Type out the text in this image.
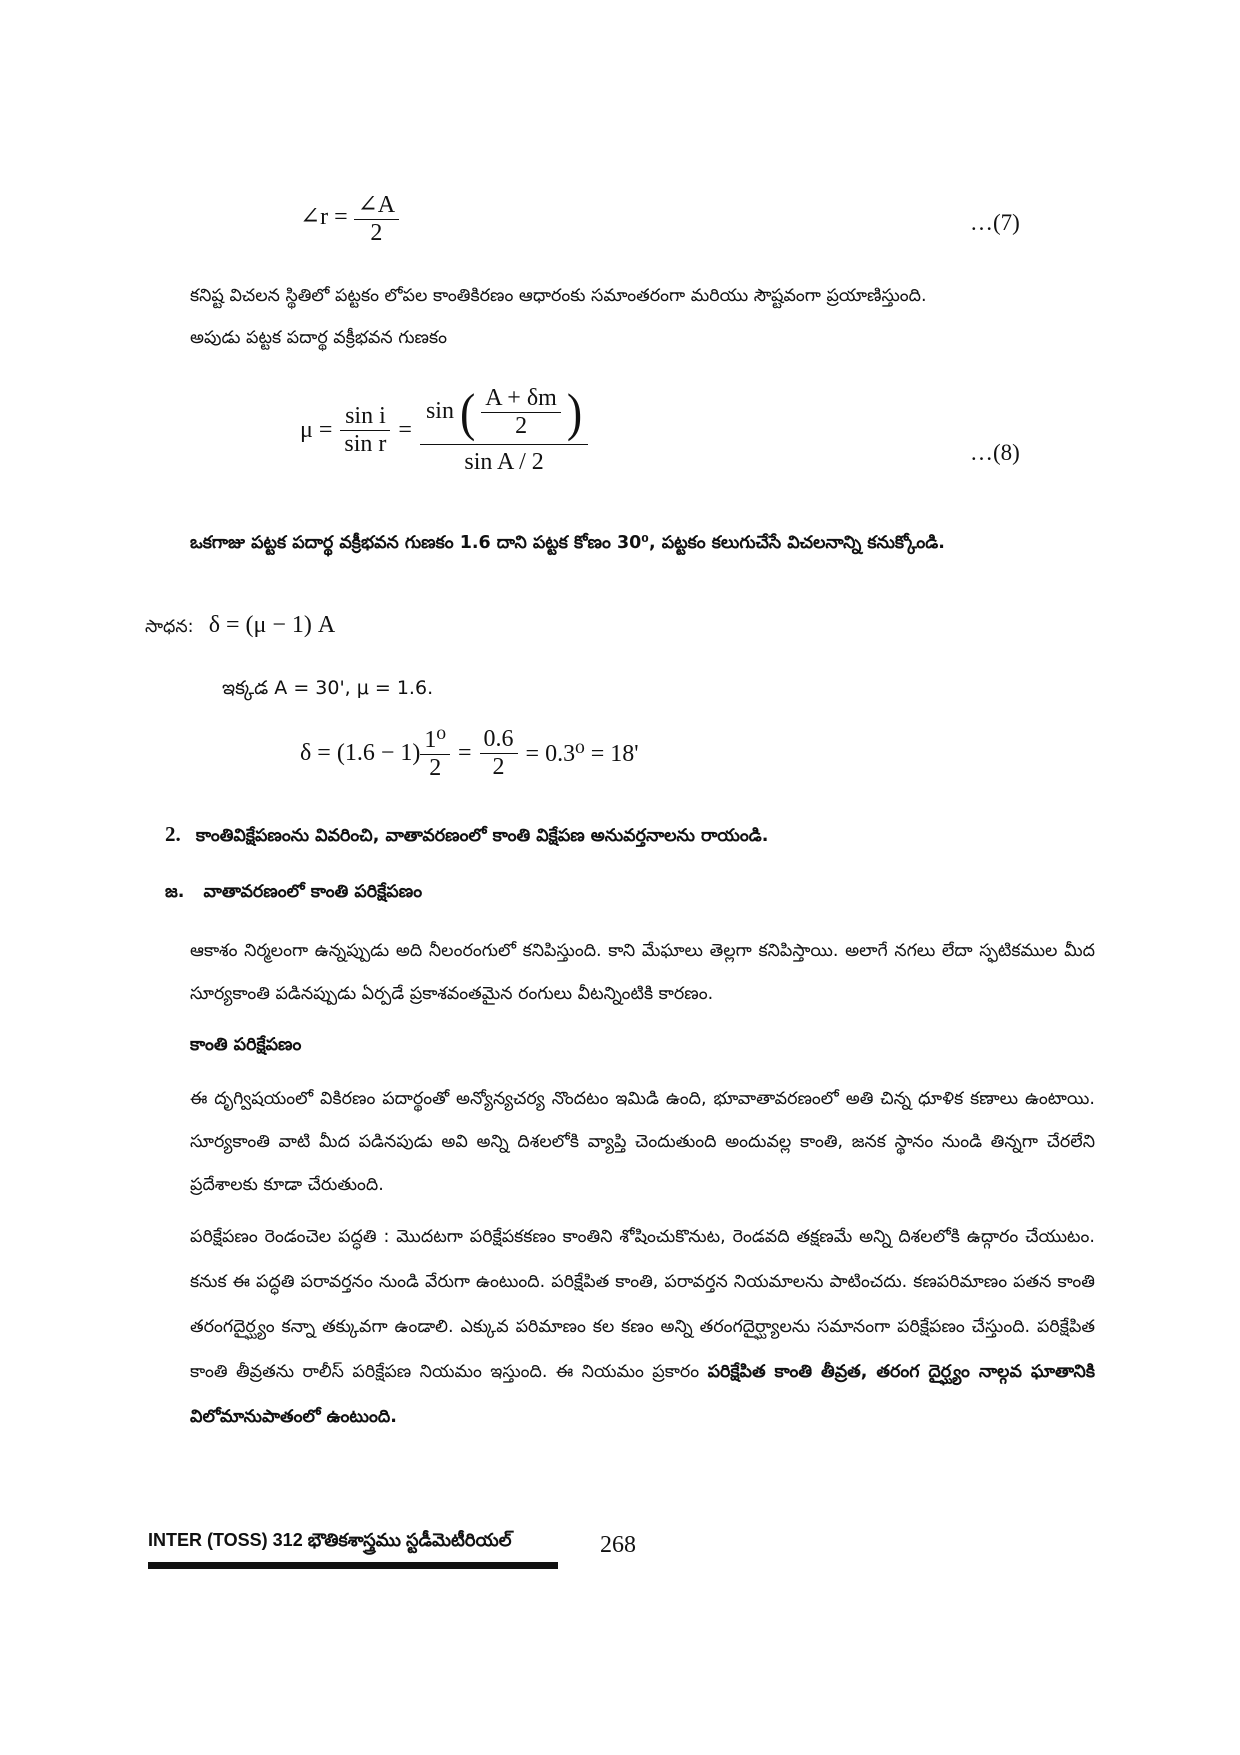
∠r = $\frac{\angle A}{2}$	…(7)
కనిష్ట విచలన స్థితిలో పట్టకం లోపల కాంతికిరణం ఆధారంకు సమాంతరంగా మరియు సౌష్టవంగా ప్రయాణిస్తుంది.
అపుడు పట్టక పదార్థ వక్రీభవన గుణకం
$\mu = \frac{\text{sin i}}{\text{sin r}} = \frac{\sin ( \frac{A + \delta m}{2} )}{\text{sin A / 2}}$	…(8)
ఒకగాజు పట్టక పదార్థ వక్రీభవన గుణకం 1.6 దాని పట్టక కోణం 30⁰, పట్టకం కలుగుచేసే విచలనాన్ని కనుక్కోండి.
సాధన: δ = (μ − 1) A
ఇక్కడ A = 30', μ = 1.6.
$\delta = (1.6 - 1) \frac{\text{1⁰}}{2} = \frac{0.6}{2} = 0.3^0 = 18'$
2. కాంతివిక్షేపణంను వివరించి, వాతావరణంలో కాంతి విక్షేపణ అనువర్తనాలను రాయండి.
జ. వాతావరణంలో కాంతి పరిక్షేపణం
ఆకాశం నిర్మలంగా ఉన్నప్పుడు అది నీలంరంగులో కనిపిస్తుంది. కాని మేఘాలు తెల్లగా కనిపిస్తాయి. అలాగే నగలు లేదా స్ఫటికముల మీద సూర్యకాంతి పడినప్పుడు ఏర్పడే ప్రకాశవంతమైన రంగులు వీటన్నింటికి కారణం.
కాంతి పరిక్షేపణం
ఈ దృగ్విషయంలో వికిరణం పదార్థంతో అన్యోన్యచర్య నొందటం ఇమిడి ఉంది, భూవాతావరణంలో అతి చిన్న ధూళిక కణాలు ఉంటాయి. సూర్యకాంతి వాటి మీద పడినపుడు అవి అన్ని దిశలలోకి వ్యాప్తి చెందుతుంది అందువల్ల కాంతి, జనక స్థానం నుండి తిన్నగా చేరలేని ప్రదేశాలకు కూడా చేరుతుంది.
పరిక్షేపణం రెండంచెల పద్ధతి : మొదటగా పరిక్షేపకకణం కాంతిని శోషించుకొనుట, రెండవది తక్షణమే అన్ని దిశలలోకి ఉద్గారం చేయుటం. కనుక ఈ పద్ధతి పరావర్తనం నుండి వేరుగా ఉంటుంది. పరిక్షేపిత కాంతి, పరావర్తన నియమాలను పాటించదు. కణపరిమాణం పతన కాంతి తరంగదైర్ఘ్యం కన్నా తక్కువగా ఉండాలి. ఎక్కువ పరిమాణం కల కణం అన్ని తరంగదైర్ఘ్యాలను సమానంగా పరిక్షేపణం చేస్తుంది. పరిక్షేపిత కాంతి తీవ్రతను రాలీస్ పరిక్షేపణ నియమం ఇస్తుంది. ఈ నియమం ప్రకారం పరిక్షేపిత కాంతి తీవ్రత, తరంగ దైర్ఘ్యం నాల్గవ ఘాతానికి విలోమానుపాతంలో ఉంటుంది.
INTER (TOSS) 312 భౌతికశాస్త్రము స్టడీమెటీరియల్	268
